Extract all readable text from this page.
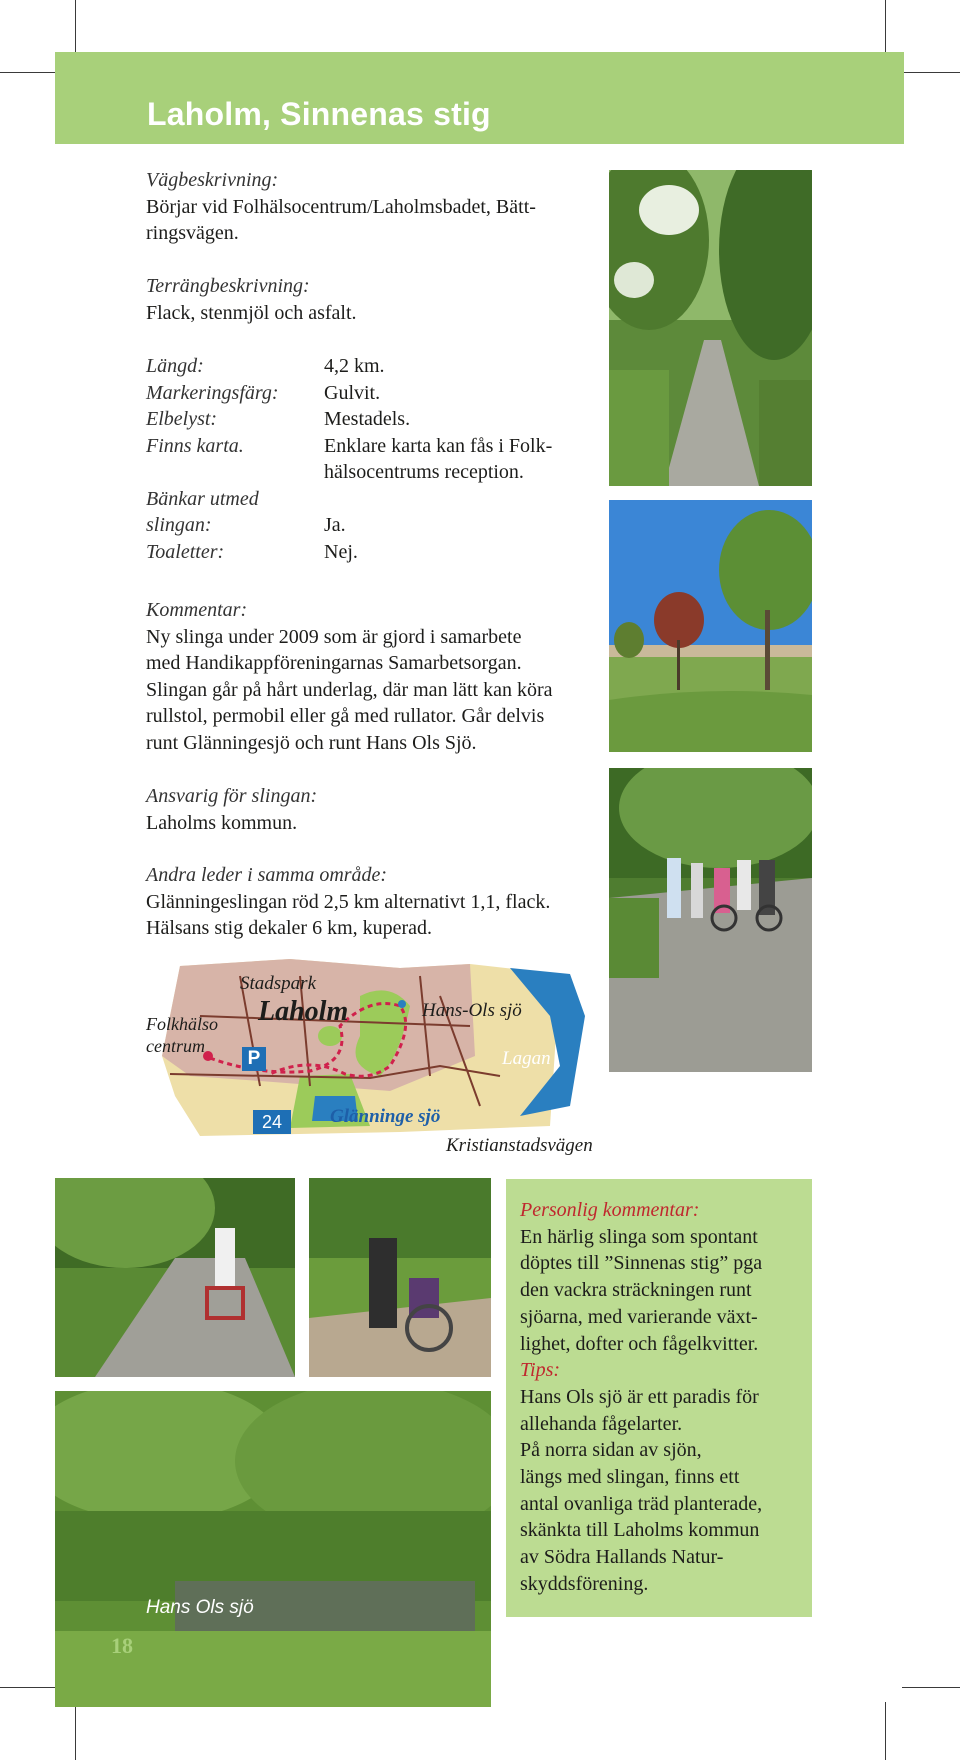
Laholm, Sinnenas stig
Vägbeskrivning:
Börjar vid Folhälsocentrum/Laholmsbadet, Bätt-
ringsvägen.
Terrängbeskrivning:
Flack, stenmjöl och asfalt.
Längd:	4,2 km.
Markeringsfärg:	Gulvit.
Elbelyst:	Mestadels.
Finns karta.	Enklare karta kan fås i Folk-
hälsocentrums reception.
Bänkar utmed
slingan:	Ja.
Toaletter:	Nej.
Kommentar:
Ny slinga under 2009 som är gjord i samarbete
med Handikappföreningarnas Samarbetsorgan.
Slingan går på hårt underlag, där man lätt kan köra
rullstol, permobil eller gå med rullator. Går delvis
runt Glänningesjö och runt Hans Ols Sjö.
Ansvarig för slingan:
Laholms kommun.
Andra leder i samma område:
Glänningeslingan röd 2,5 km alternativt 1,1, flack.
Hälsans stig dekaler 6 km, kuperad.
Stadspark
Laholm	Hans-Ols sjö
Folkhälso
centrum
Lagan
24
P
Glänninge sjö
Kristianstadsvägen
Hans Ols sjö
18
Personlig kommentar:
En härlig slinga som spontant
döptes till ”Sinnenas stig” pga
den vackra sträckningen runt
sjöarna, med varierande växt-
lighet, dofter och fågelkvitter.
Tips:
Hans Ols sjö är ett paradis för
allehanda fågelarter.
På norra sidan av sjön,
längs med slingan, finns ett
antal ovanliga träd planterade,
skänkta till Laholms kommun
av Södra Hallands Natur-
skyddsförening.
